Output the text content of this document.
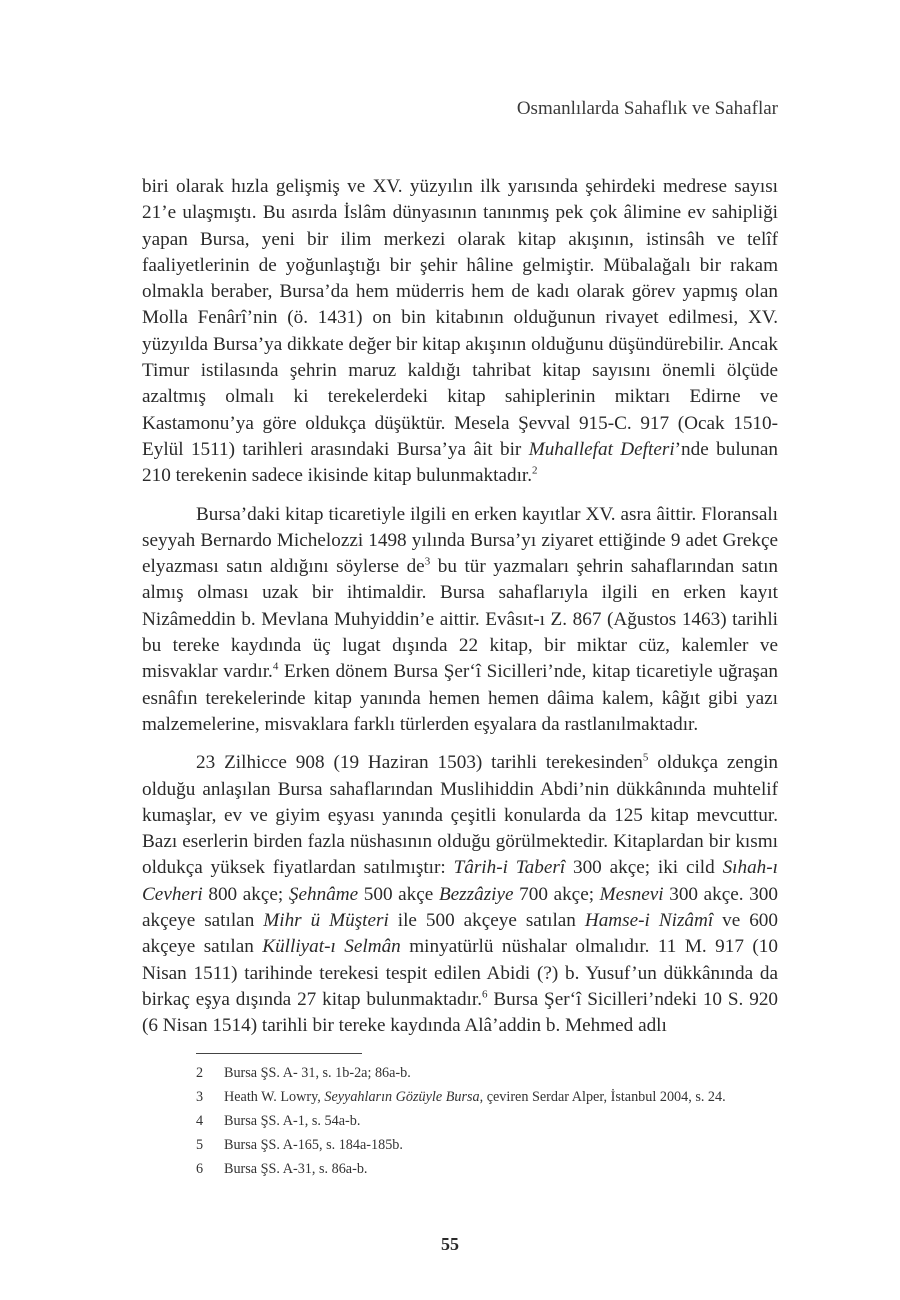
Osmanlılarda Sahaflık ve Sahaflar

biri olarak hızla gelişmiş ve XV. yüzyılın ilk yarısında şehirdeki medrese sayısı 21’e ulaşmıştı. Bu asırda İslâm dünyasının tanınmış pek çok âlimine ev sahipliği yapan Bursa, yeni bir ilim merkezi olarak kitap akışının, istinsâh ve telîf faaliyetlerinin de yoğunlaştığı bir şehir hâline gelmiştir. Mübalağalı bir rakam olmakla beraber, Bursa’da hem müderris hem de kadı olarak görev yapmış olan Molla Fenârî’nin (ö. 1431) on bin kitabının olduğunun rivayet edilmesi, XV. yüzyılda Bursa’ya dikkate değer bir kitap akışının olduğunu düşündürebilir. Ancak Timur istilasında şehrin maruz kaldığı tahribat kitap sayısını önemli ölçüde azaltmış olmalı ki terekelerdeki kitap sahiplerinin miktarı Edirne ve Kastamonu’ya göre oldukça düşüktür. Mesela Şevval 915-C. 917 (Ocak 1510-Eylül 1511) tarihleri arasındaki Bursa’ya âit bir Muhallefat Defteri’nde bulunan 210 terekenin sadece ikisinde kitap bulunmaktadır.$^2$

Bursa’daki kitap ticaretiyle ilgili en erken kayıtlar XV. asra âittir. Floransalı seyyah Bernardo Michelozzi 1498 yılında Bursa’yı ziyaret ettiğinde 9 adet Grekçe elyazması satın aldığını söylerse $de^3$ bu tür yazmaları şehrin sahaflarından satın almış olması uzak bir ihtimaldir. Bursa sahaflarıyla ilgili en erken kayıt Nizâmeddin b. Mevlana Muhyiddin’e aittir. Evâsıt-ı Z. 867 (Ağustos 1463) tarihli bu tereke kaydında üç lugat dışında 22 kitap, bir miktar cüz, kalemler ve misvaklar vardır.$^4$ Erken dönem Bursa Şer‘î Sicilleri’nde, kitap ticaretiyle uğraşan esnâfın terekelerinde kitap yanında hemen hemen dâima kalem, kâğıt gibi yazı malzemelerine, misvaklara farklı türlerden eşyalara da rastlanılmaktadır.

23 Zilhicce 908 (19 Haziran 1503) tarihli terekesinden$^5$ oldukça zengin olduğu anlaşılan Bursa sahaflarından Muslihiddin Abdi’nin dükkânında muhtelif kumaşlar, ev ve giyim eşyası yanında çeşitli konularda da 125 kitap mevcuttur. Bazı eserlerin birden fazla nüshasının olduğu görülmektedir. Kitaplardan bir kısmı oldukça yüksek fiyatlardan satılmıştır: Târih-i Taberî 300 akçe; iki cild Sıhah-ı Cevheri 800 akçe; Şehnâme 500 akçe Bezzâziye 700 akçe; Mesnevi 300 akçe. 300 akçeye satılan Mihr ü Müşteri ile 500 akçeye satılan Hamse-i Nizâmî ve 600 akçeye satılan Külliyat-ı Selmân minyatürlü nüshalar olmalıdır. 11 M. 917 (10 Nisan 1511) tarihinde terekesi tespit edilen Abidi (?) b. Yusuf’un dükkânında da birkaç eşya dışında 27 kitap bulunmaktadır.$^6$ Bursa Şer‘î Sicilleri’ndeki 10 S. 920 (6 Nisan 1514) tarihli bir tereke kaydında Alâ’addin b. Mehmed adlı

2	Bursa ŞS. A- 31, s. 1b-2a; 86a-b.
3	Heath W. Lowry, Seyyahların Gözüyle Bursa, çeviren Serdar Alper, İstanbul 2004, s. 24.
4	Bursa ŞS. A-1, s. 54a-b.
5	Bursa ŞS. A-165, s. 184a-185b.
6	Bursa ŞS. A-31, s. 86a-b.
55
